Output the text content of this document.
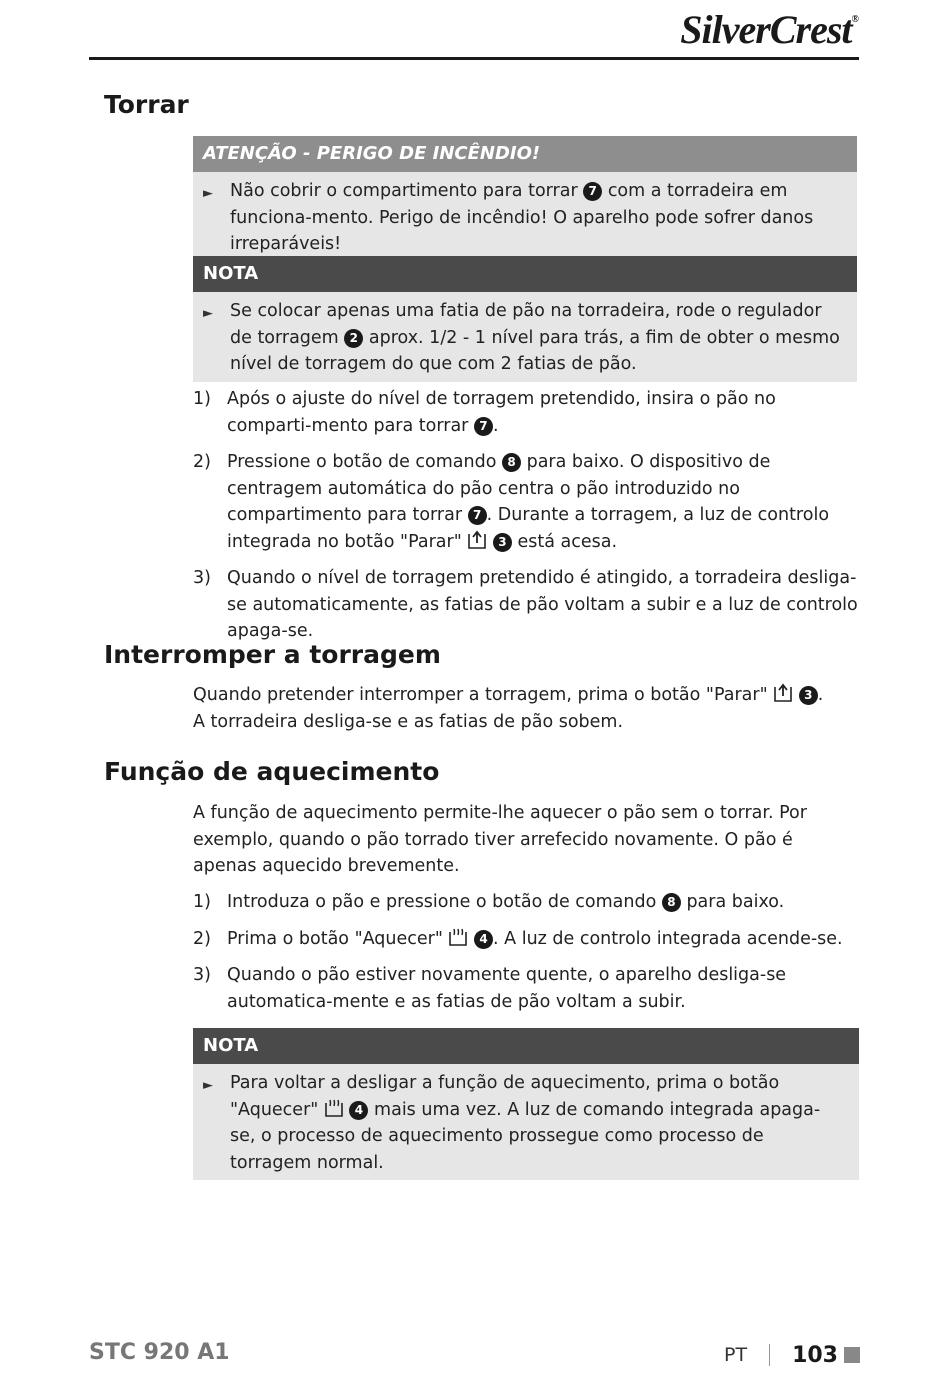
SilverCrest®
Torrar
ATENÇÃO - PERIGO DE INCÊNDIO!
► Não cobrir o compartimento para torrar 7 com a torradeira em funciona-mento. Perigo de incêndio! O aparelho pode sofrer danos irreparáveis!
NOTA
► Se colocar apenas uma fatia de pão na torradeira, rode o regulador de torragem 2 aprox. 1/2 - 1 nível para trás, a fim de obter o mesmo nível de torragem do que com 2 fatias de pão.
1) Após o ajuste do nível de torragem pretendido, insira o pão no comparti-mento para torrar 7 .
2) Pressione o botão de comando 8 para baixo. O dispositivo de centragem automática do pão centra o pão introduzido no compartimento para torrar 7 . Durante a torragem, a luz de controlo integrada no botão "Parar"	3 está acesa.
3) Quando o nível de torragem pretendido é atingido, a torradeira desliga-se automaticamente, as fatias de pão voltam a subir e a luz de controlo apaga-se.
Interromper a torragem
Quando pretender interromper a torragem, prima o botão "Parar"	3 .
A torradeira desliga-se e as fatias de pão sobem.
Função de aquecimento
A função de aquecimento permite-lhe aquecer o pão sem o torrar. Por exemplo, quando o pão torrado tiver arrefecido novamente. O pão é apenas aquecido brevemente.
1) Introduza o pão e pressione o botão de comando 8 para baixo.
2) Prima o botão "Aquecer"	4 . A luz de controlo integrada acende-se.
3) Quando o pão estiver novamente quente, o aparelho desliga-se automatica-mente e as fatias de pão voltam a subir.
NOTA
► Para voltar a desligar a função de aquecimento, prima o botão "Aquecer"	4 mais uma vez. A luz de comando integrada apaga-se, o processo de aquecimento prossegue como processo de torragem normal.
STC 920 A1	PT 103
